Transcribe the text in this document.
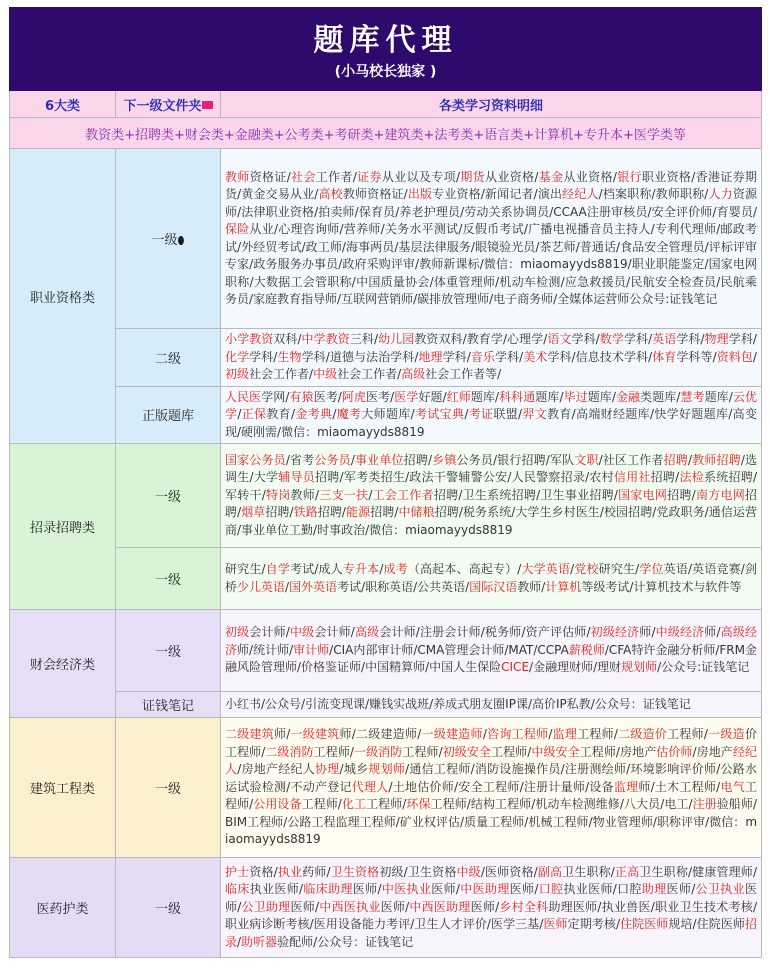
题库代理
(小马校长独家 )		

6大类	下一级文件夹	各类学习资料明细
教资类+招聘类+财会类+金融类+公考类+考研类+建筑类+法考类+语言类+计算机+专升本+医学类等		
职业资格类	一级⬮	教师资格证/社会工作者/证券从业以及专项/期货从业资格/基金从业资格/银行职业资格/香港证券期货/黄金交易从业/高校教师资格证/出版专业资格/新闻记者/演出经纪人/档案职称/教师职称/人力资源师/法律职业资格/拍卖师/保育员/养老护理员/劳动关系协调员/CCAA注册审核员/安全评价师/育婴员/保险从业/心理咨询师/营养师/关务水平测试/反假币考试/广播电视播音员主持人/专利代理师/邮政考试/外经贸考试/政工师/海事两员/基层法律服务/眼镜验光员/茶艺师/普通话/食品安全管理员/评标评审专家/政务服务办事员/政府采购评审/教师新课标/微信：miaomayyds8819/职业职能鉴定/国家电网职称/大数据工会管职称/中国质量协会/体重管理师/机动车检测/应急救援员/民航安全检查员/民航乘务员/家庭教育指导师/互联网营销师/碳排放管理师/电子商务师/全媒体运营师公众号:证钱笔记
	二级	小学教资双科/中学教资三科/幼儿园教资双科/教育学/心理学/语文学科/数学学科/英语学科/物理学科/化学学科/生物学科/道德与法治学科/地理学科/音乐学科/美术学科/信息技术学科/体育学科等/资料包/初级社会工作者/中级社会工作者/高级社会工作者等/
	正版题库	人民医学网/有猿医考/阿虎医考/医学好题/红师题库/科科通题库/毕过题库/金融类题库/慧考题库/云优学/正保教育/金考典/魔考大师题库/考试宝典/考证联盟/羿文教育/高端财经题库/快学好题题库/高变现/硬刚需/微信：miaomayyds8819
招录招聘类	一级	国家公务员/省考公务员/事业单位招聘/乡镇公务员/银行招聘/军队文职/社区工作者招聘/教师招聘/选调生/大学辅导员招聘/军考类招生/政法干警辅警公安/人民警察招录/农村信用社招聘/法检系统招聘/军转干/特岗教师/三支一扶/工会工作者招聘/卫生系统招聘/卫生事业招聘/国家电网招聘/南方电网招聘/烟草招聘/铁路招聘/能源招聘/中储粮招聘/税务系统/大学生乡村医生/校园招聘/党政职务/通信运营商/事业单位工勤/时事政治/微信：miaomayyds8819
	一级	研究生/自学考试/成人专升本/成考（高起本、高起专）/大学英语/党校研究生/学位英语/英语竞赛/剑桥少儿英语/国外英语考试/职称英语/公共英语/国际汉语教师/计算机等级考试/计算机技术与软件等
财会经济类	一级	初级会计师/中级会计师/高级会计师/注册会计师/税务师/资产评估师/初级经济师/中级经济师/高级经济师/统计师/审计师/CIA内部审计师/CMA管理会计师/MAT/CCPA薪税师/CFA特许金融分析师/FRM金融风险管理师/价格鉴证师/中国精算师/中国人生保险CICE/金融理财师/理财规划师/公众号:证钱笔记
	证钱笔记	小红书/公众号/引流变现课/赚钱实战班/养成式朋友圈IP课/高价IP私教/公众号：证钱笔记
建筑工程类	一级	二级建筑师/一级建筑师/二级建造师/一级建造师/咨询工程师/监理工程师/二级造价工程师/一级造价工程师/二级消防工程师/一级消防工程师/初级安全工程师/中级安全工程师/房地产估价师/房地产经纪人/房地产经纪人协理/城乡规划师/通信工程师/消防设施操作员/注册测绘师/环境影响评价师/公路水运试验检测/不动产登记代理人/土地估价师/安全工程师/注册计量师/设备监理师/土木工程师/电气工程师/公用设备工程师/化工工程师/环保工程师/结构工程师/机动车检测维修/八大员/电工/注册验船师/BIM工程师/公路工程监理工程师/矿业权评估/质量工程师/机械工程师/物业管理师/职称评审/微信：miaomayyds8819
医药护类	一级	护士资格/执业药师/卫生资格初级/卫生资格中级/医师资格/副高卫生职称/正高卫生职称/健康管理师/临床执业医师/临床助理医师/中医执业医师/中医助理医师/口腔执业医师/口腔助理医师/公卫执业医师/公卫助理医师/中西医执业医师/中西医助理医师/乡村全科助理医师/执业兽医/职业卫生技术考核/职业病诊断考核/医用设备能力考评/卫生人才评价/医学三基/医师定期考核/住院医师规培/住院医师招录/助听器验配师/公众号：证钱笔记
